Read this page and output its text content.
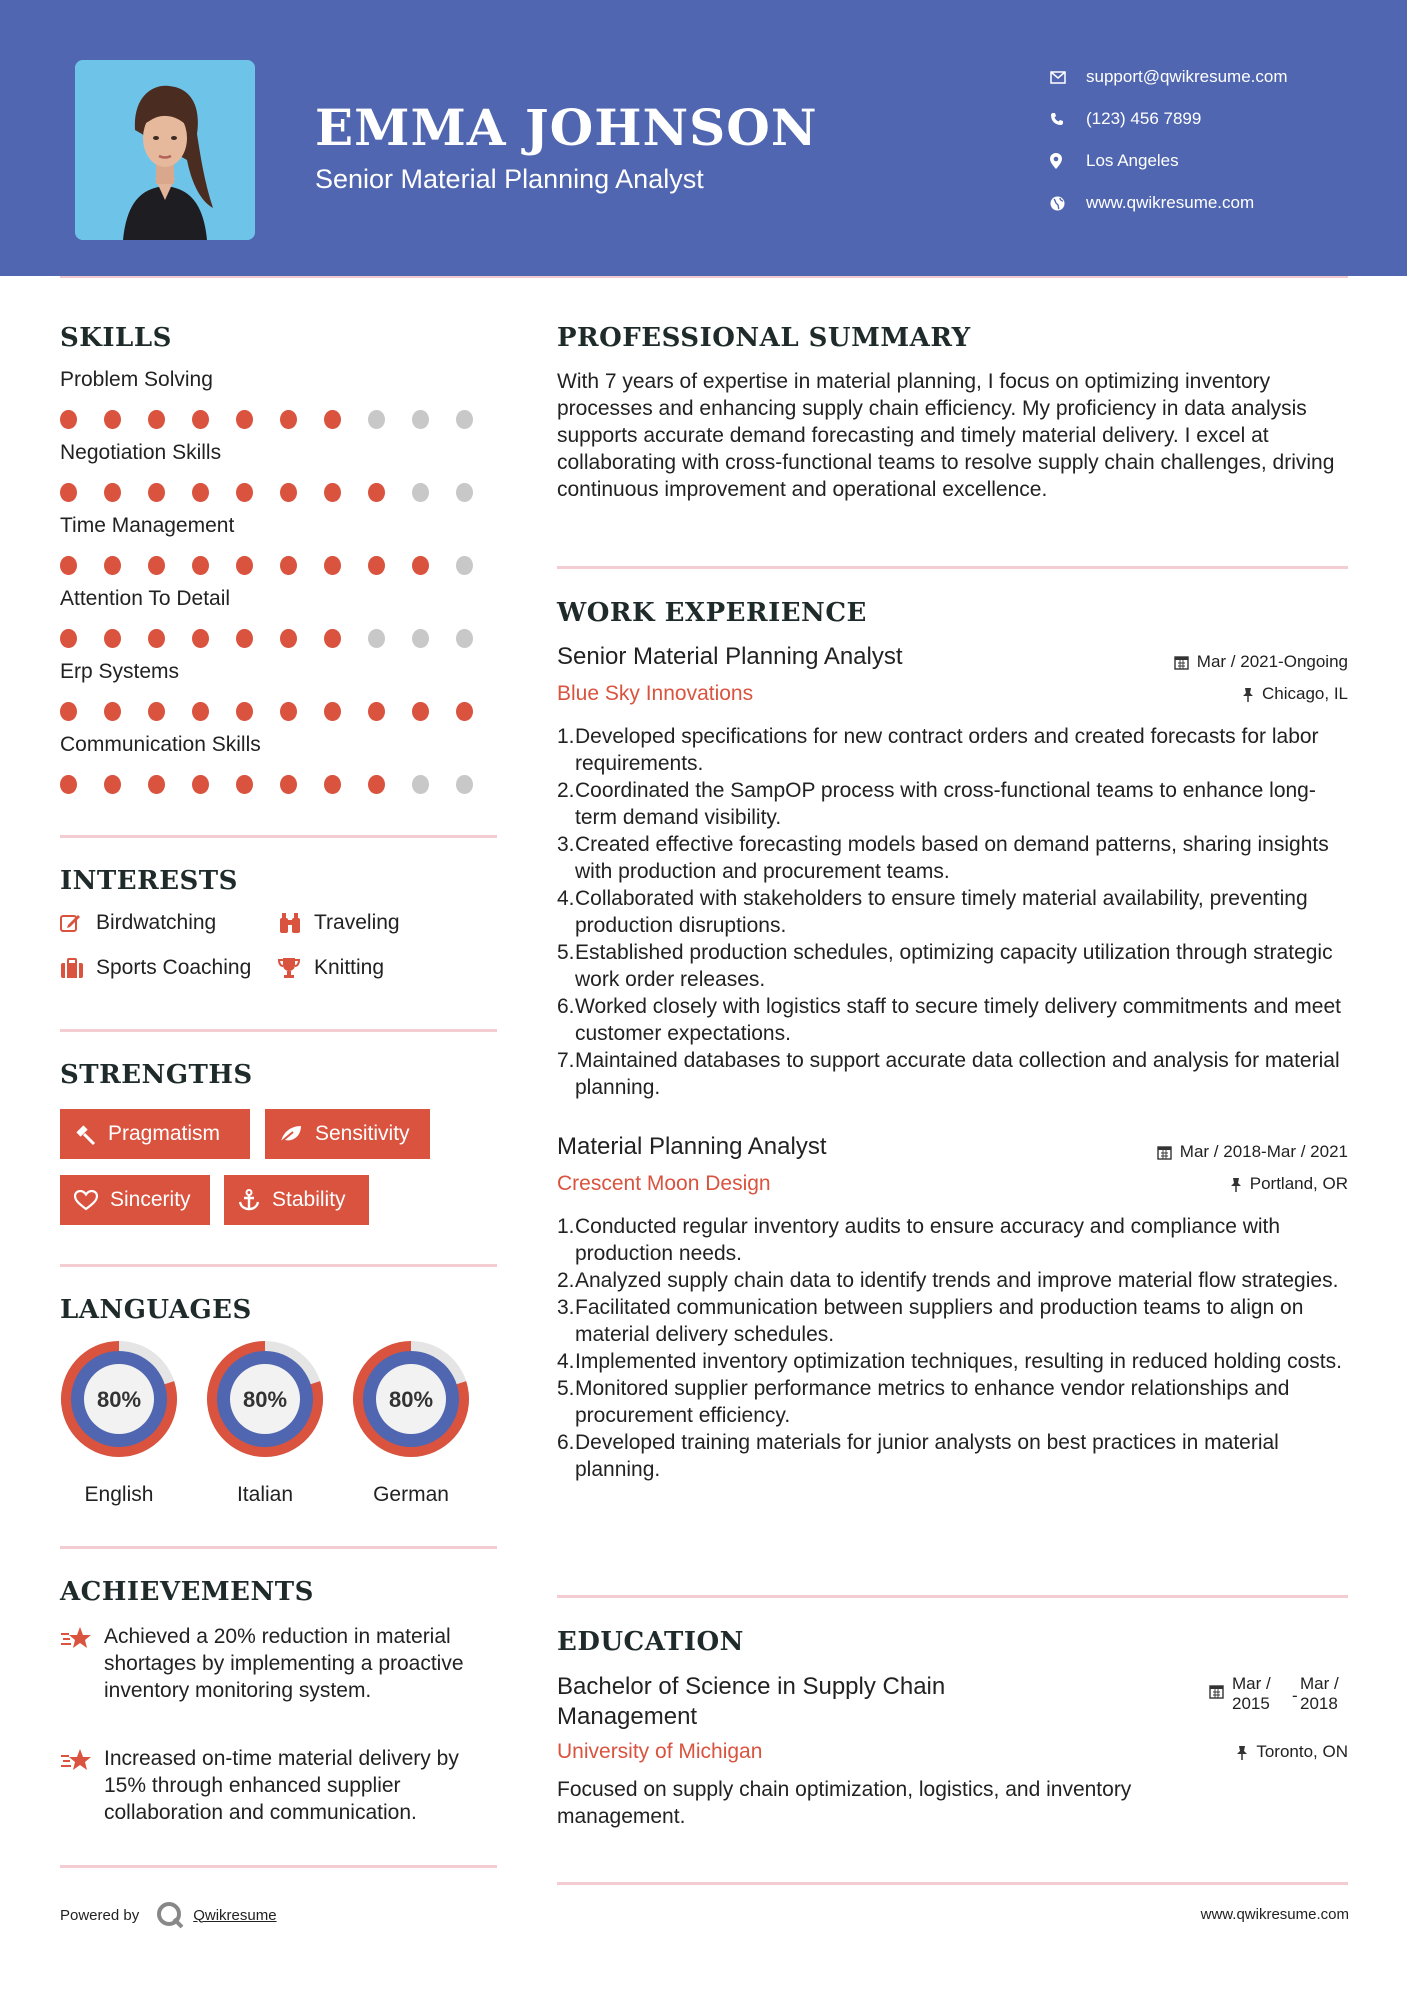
EMMA JOHNSON
Senior Material Planning Analyst
support@qwikresume.com
(123) 456 7899
Los Angeles
www.qwikresume.com
SKILLS
Problem Solving
Negotiation Skills
Time Management
Attention To Detail
Erp Systems
Communication Skills
INTERESTS
Birdwatching	Traveling
Sports Coaching	Knitting
STRENGTHS
Pragmatism	Sensitivity
Sincerity	Stability
LANGUAGES
80%
English
80%
Italian
80%
German
ACHIEVEMENTS
Achieved a 20% reduction in material shortages by implementing a proactive inventory monitoring system.
Increased on-time material delivery by 15% through enhanced supplier collaboration and communication.
PROFESSIONAL SUMMARY
With 7 years of expertise in material planning, I focus on optimizing inventory processes and enhancing supply chain efficiency. My proficiency in data analysis supports accurate demand forecasting and timely material delivery. I excel at collaborating with cross-functional teams to resolve supply chain challenges, driving continuous improvement and operational excellence.
WORK EXPERIENCE
Senior Material Planning Analyst	Mar / 2021-Ongoing
Blue Sky Innovations	Chicago, IL
1. Developed specifications for new contract orders and created forecasts for labor requirements.
2. Coordinated the SampOP process with cross-functional teams to enhance long-term demand visibility.
3. Created effective forecasting models based on demand patterns, sharing insights with production and procurement teams.
4. Collaborated with stakeholders to ensure timely material availability, preventing production disruptions.
5. Established production schedules, optimizing capacity utilization through strategic work order releases.
6. Worked closely with logistics staff to secure timely delivery commitments and meet customer expectations.
7. Maintained databases to support accurate data collection and analysis for material planning.
Material Planning Analyst	Mar / 2018-Mar / 2021
Crescent Moon Design	Portland, OR
1. Conducted regular inventory audits to ensure accuracy and compliance with production needs.
2. Analyzed supply chain data to identify trends and improve material flow strategies.
3. Facilitated communication between suppliers and production teams to align on material delivery schedules.
4. Implemented inventory optimization techniques, resulting in reduced holding costs.
5. Monitored supplier performance metrics to enhance vendor relationships and procurement efficiency.
6. Developed training materials for junior analysts on best practices in material planning.
EDUCATION
Bachelor of Science in Supply Chain
Management
Mar /
2015	-
Mar /
2018
University of Michigan	Toronto, ON
Focused on supply chain optimization, logistics, and inventory management.
Powered by	Qwikresume	www.qwikresume.com
